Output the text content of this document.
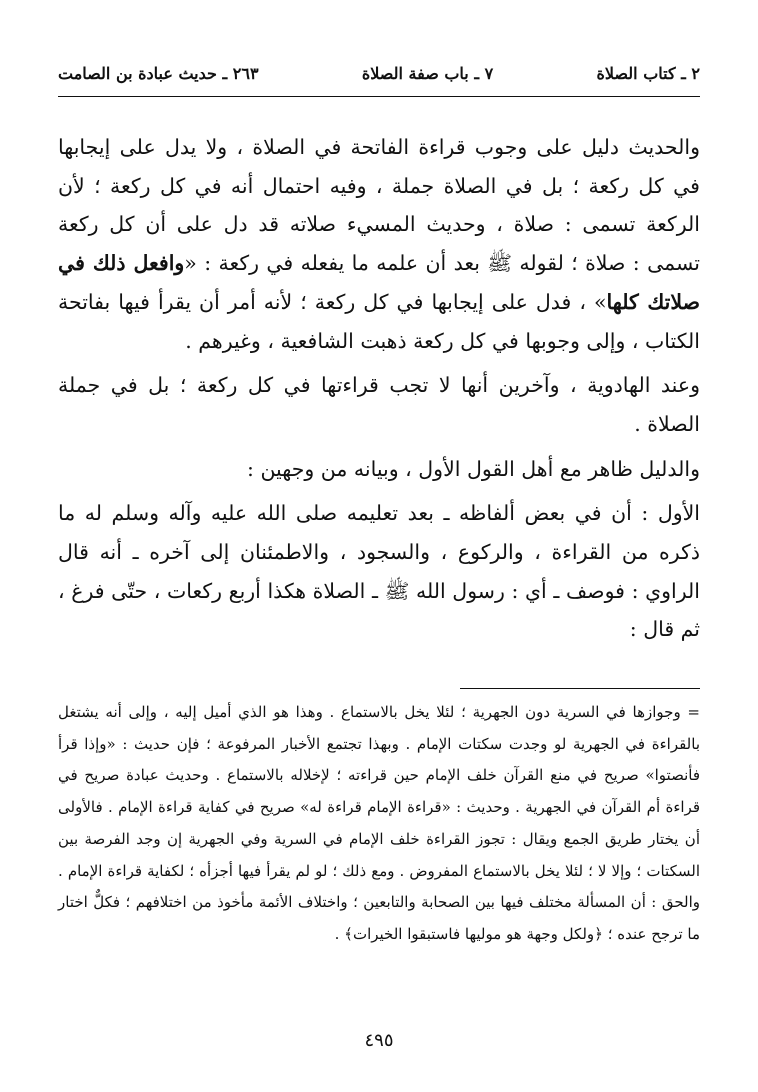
٢ ـ كتاب الصلاة
٧ ـ باب صفة الصلاة
٢٦٣ ـ حديث عبادة بن الصامت

والحديث دليل على وجوب قراءة الفاتحة في الصلاة ، ولا يدل على إيجابها في كل ركعة ؛ بل في الصلاة جملة ، وفيه احتمال أنه في كل ركعة ؛ لأن الركعة تسمى : صلاة ، وحديث المسيء صلاته قد دل على أن كل ركعة تسمى : صلاة ؛ لقوله ﷺ بعد أن علمه ما يفعله في ركعة : «وافعل ذلك في صلاتك كلها» ، فدل على إيجابها في كل ركعة ؛ لأنه أمر أن يقرأ فيها بفاتحة الكتاب ، وإلى وجوبها في كل ركعة ذهبت الشافعية ، وغيرهم .

وعند الهادوية ، وآخرين أنها لا تجب قراءتها في كل ركعة ؛ بل في جملة الصلاة .

والدليل ظاهر مع أهل القول الأول ، وبيانه من وجهين :

الأول : أن في بعض ألفاظه ـ بعد تعليمه صلى الله عليه وآله وسلم له ما ذكره من القراءة ، والركوع ، والسجود ، والاطمئنان إلى آخره ـ أنه قال الراوي : فوصف ـ أي : رسول الله ﷺ ـ الصلاة هكذا أربع ركعات ، حتّى فرغ ، ثم قال :

= وجوازها في السرية دون الجهرية ؛ لئلا يخل بالاستماع . وهذا هو الذي أميل إليه ، وإلى أنه يشتغل بالقراءة في الجهرية لو وجدت سكتات الإمام . وبهذا تجتمع الأخبار المرفوعة ؛ فإن حديث : «وإذا قرأ فأنصتوا» صريح في منع القرآن خلف الإمام حين قراءته ؛ لإخلاله بالاستماع . وحديث عبادة صريح في قراءة أم القرآن في الجهرية . وحديث : «قراءة الإمام قراءة له» صريح في كفاية قراءة الإمام . فالأولى أن يختار طريق الجمع ويقال : تجوز القراءة خلف الإمام في السرية وفي الجهرية إن وجد الفرصة بين السكتات ؛ وإلا لا ؛ لئلا يخل بالاستماع المفروض . ومع ذلك ؛ لو لم يقرأ فيها أجزأه ؛ لكفاية قراءة الإمام . والحق : أن المسألة مختلف فيها بين الصحابة والتابعين ؛ واختلاف الأئمة مأخوذ من اختلافهم ؛ فكلٌّ اختار ما ترجح عنده ؛ ﴿ولكل وجهة هو موليها فاستبقوا الخيرات﴾ .

٤٩٥
